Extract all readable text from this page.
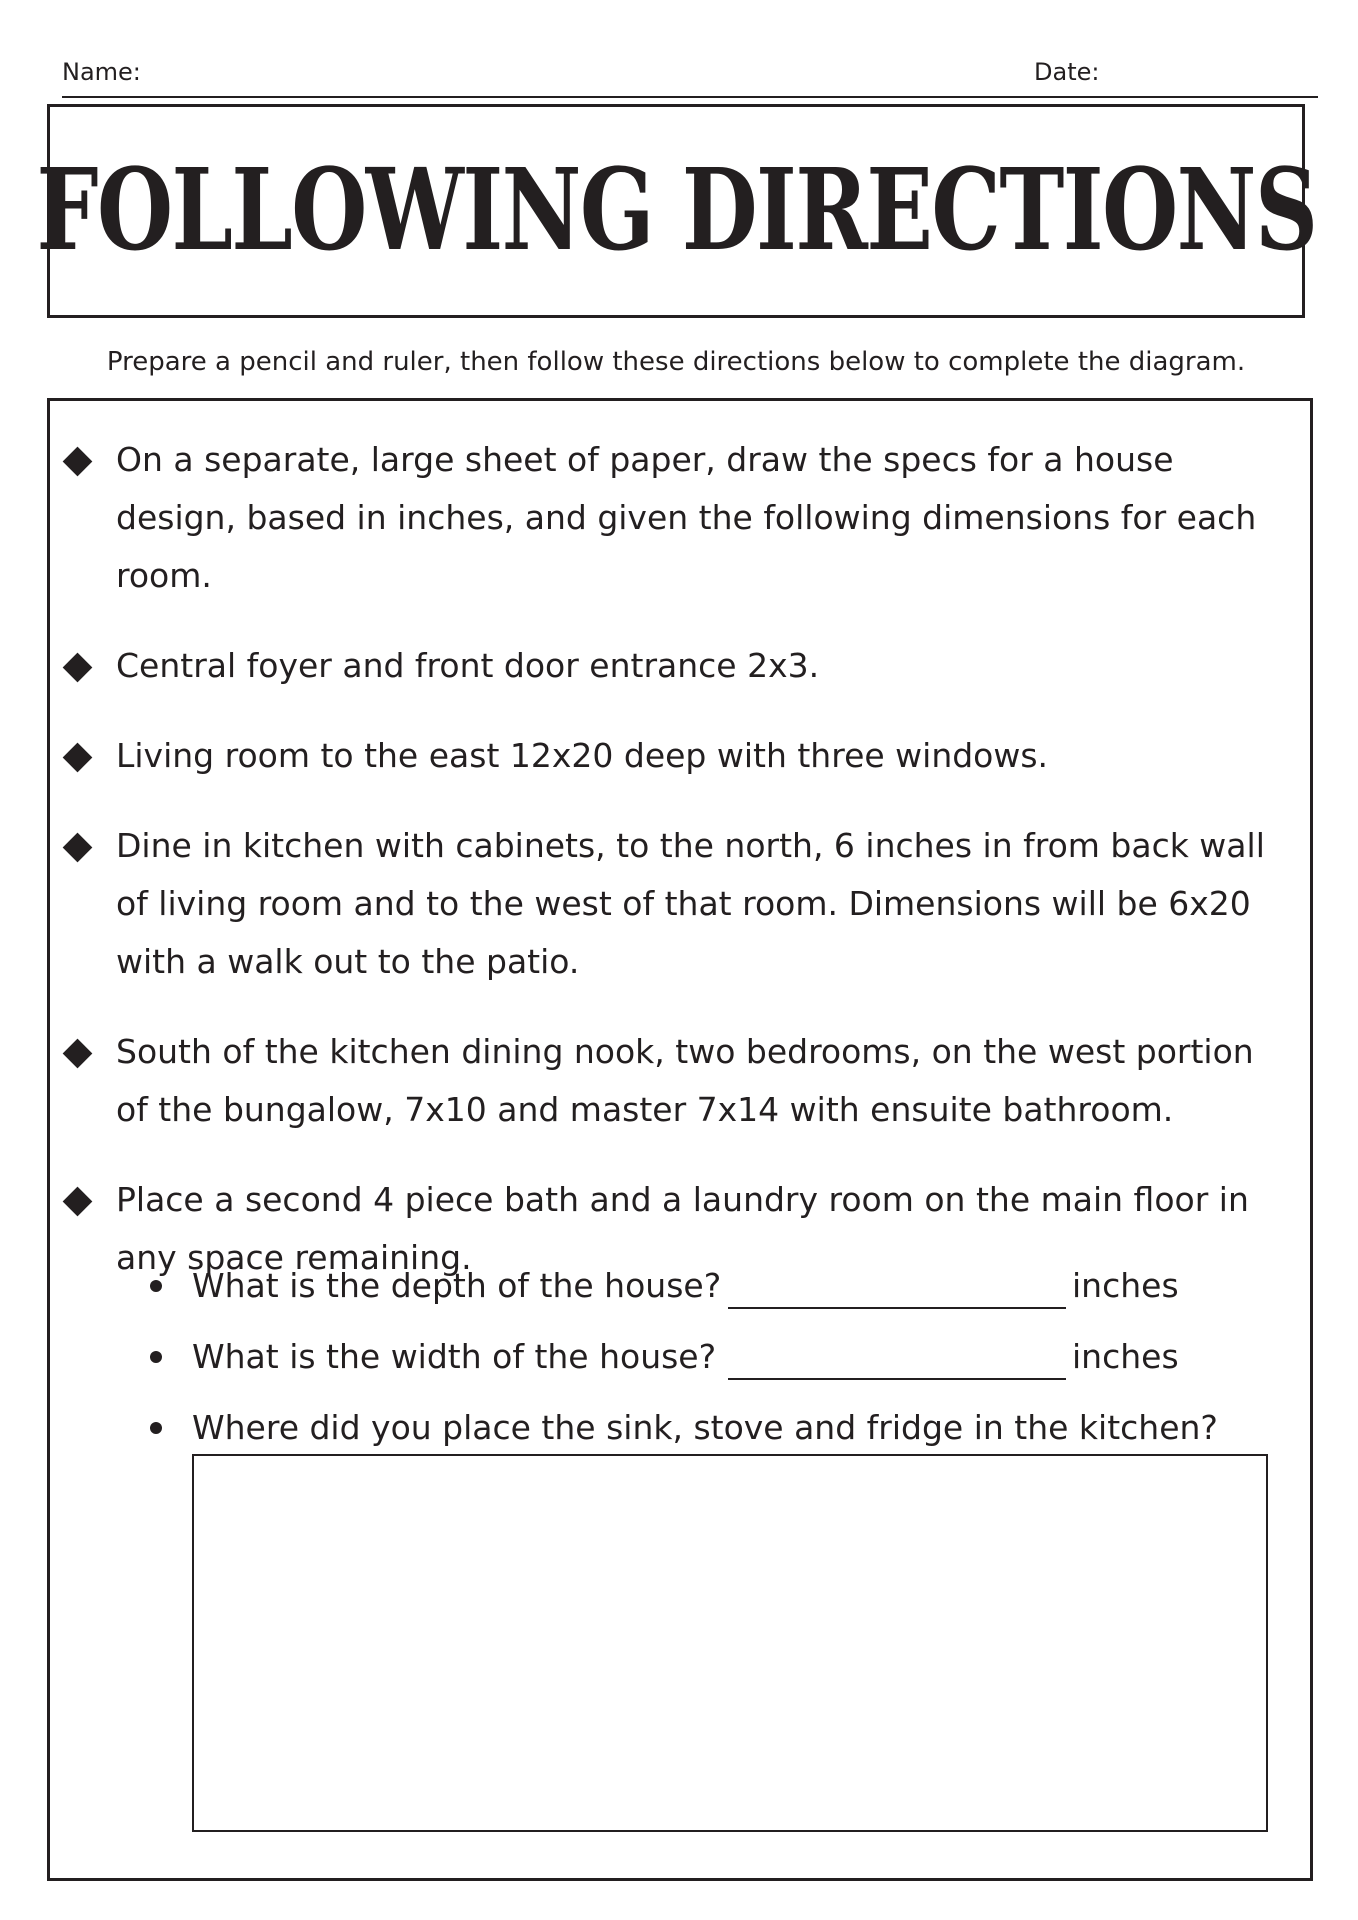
Name:	Date:
FOLLOWING DIRECTIONS
Prepare a pencil and ruler, then follow these directions below to complete the diagram.
On a separate, large sheet of paper, draw the specs for a house design, based in inches, and given the following dimensions for each room.
Central foyer and front door entrance 2x3.
Living room to the east 12x20 deep with three windows.
Dine in kitchen with cabinets, to the north, 6 inches in from back wall of living room and to the west of that room. Dimensions will be 6x20 with a walk out to the patio.
South of the kitchen dining nook, two bedrooms, on the west portion of the bungalow, 7x10 and master 7x14 with ensuite bathroom.
Place a second 4 piece bath and a laundry room on the main floor in any space remaining.
What is the depth of the house?	inches
What is the width of the house?	inches
Where did you place the sink, stove and fridge in the kitchen?
